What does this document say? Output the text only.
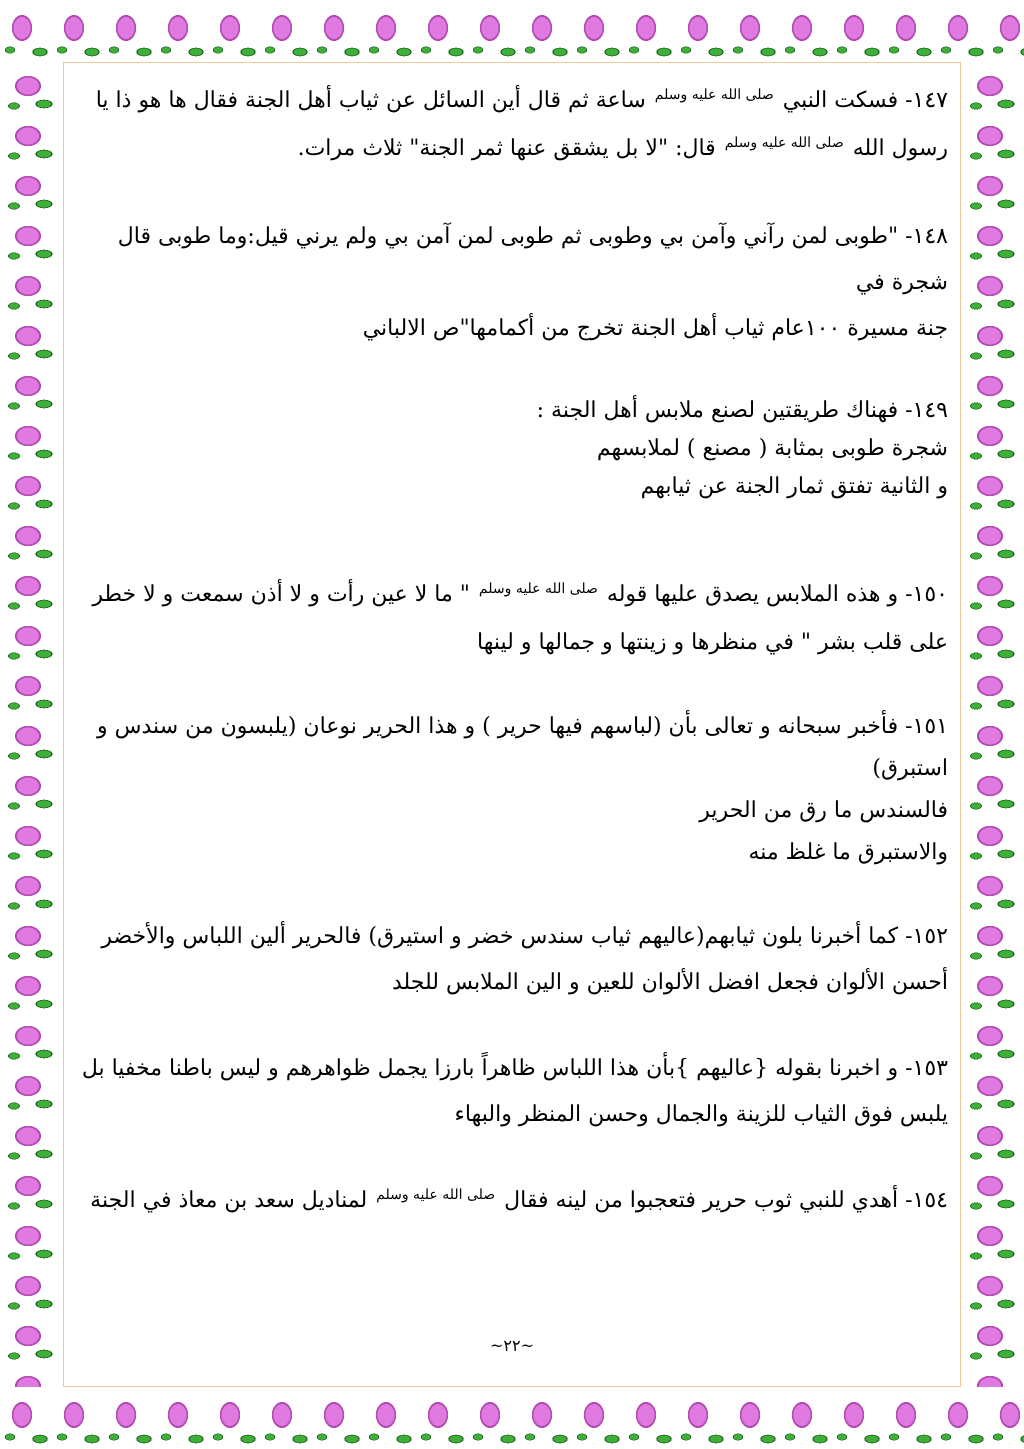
١٤٧- فسكت النبي $^{صلى الله عليه وسلم}$ ساعة ثم قال أين السائل عن ثياب أهل الجنة فقال ها هو ذا يا

رسول الله $^{صلى الله عليه وسلم}$ قال: "لا بل يشقق عنها ثمر الجنة" ثلاث مرات.

١٤٨- "طوبى لمن رآني وآمن بي وطوبى ثم طوبى لمن آمن بي ولم يرني قيل:وما طوبى قال شجرة في

جنة مسيرة ١٠٠عام ثياب أهل الجنة تخرج من أكمامها"ص الالباني

١٤٩- فهناك طريقتين لصنع ملابس أهل الجنة :

شجرة طوبى بمثابة ( مصنع ) لملابسهم

و الثانية تفتق ثمار الجنة عن ثيابهم

١٥٠- و هذه الملابس يصدق عليها قوله $^{صلى الله عليه وسلم}$ " ما لا عين رأت و لا أذن سمعت و لا خطر

على قلب بشر " في منظرها و زينتها و جمالها و لينها

١٥١- فأخبر سبحانه و تعالى بأن (لباسهم فيها حرير ) و هذا الحرير نوعان (يلبسون من سندس و

استبرق)

فالسندس ما رق من الحرير

والاستبرق ما غلظ منه

١٥٢- كما أخبرنا بلون ثيابهم(عاليهم ثياب سندس خضر و استيرق) فالحرير ألين اللباس والأخضر

أحسن الألوان فجعل افضل الألوان للعين و الين الملابس للجلد

١٥٣- و اخبرنا بقوله {عاليهم }بأن هذا اللباس ظاهراً بارزا يجمل ظواهرهم و ليس باطنا مخفيا بل

يلبس فوق الثياب للزينة والجمال وحسن المنظر والبهاء

١٥٤- أهدي للنبي ثوب حرير فتعجبوا من لينه فقال $^{صلى الله عليه وسلم}$ لمناديل سعد بن معاذ في الجنة

~٢٢~
